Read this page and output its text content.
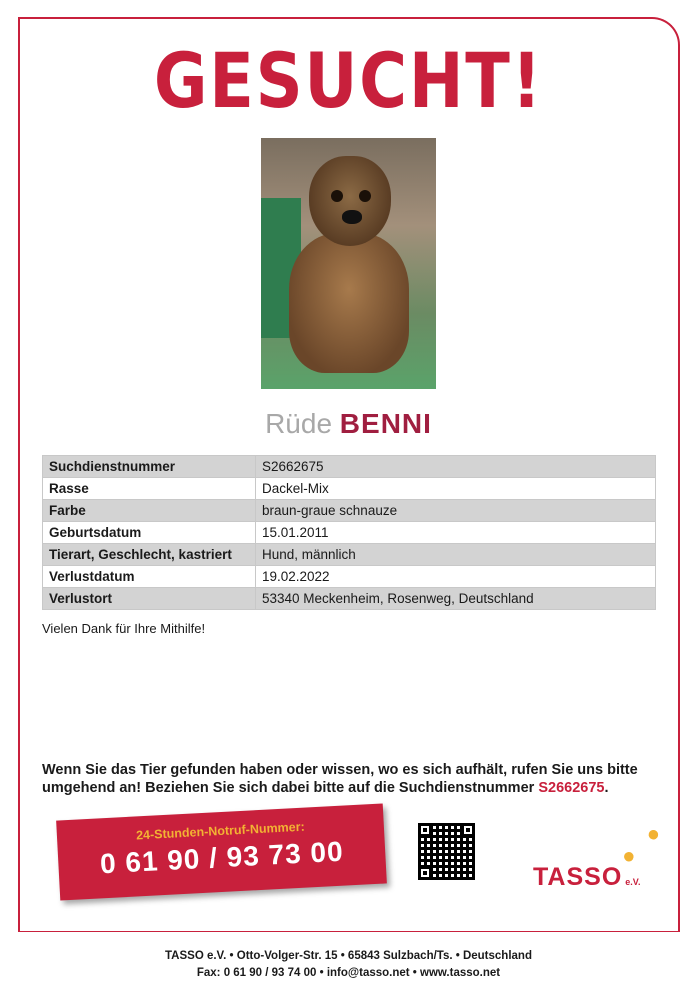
GESUCHT!
Rüde BENNI
Suchdienstnummer	S2662675
Rasse	Dackel-Mix
Farbe	braun-graue schnauze
Geburtsdatum	15.01.2011
Tierart, Geschlecht, kastriert	Hund, männlich
Verlustdatum	19.02.2022
Verlustort	53340 Meckenheim, Rosenweg, Deutschland
Vielen Dank für Ihre Mithilfe!
Wenn Sie das Tier gefunden haben oder wissen, wo es sich aufhält, rufen Sie uns bitte umgehend an! Beziehen Sie sich dabei bitte auf die Suchdienstnummer S2662675.
24-Stunden-Notruf-Nummer:
0 61 90 / 93 73 00
●
●
TASSO e.V.
TASSO e.V. • Otto-Volger-Str. 15 • 65843 Sulzbach/Ts. • Deutschland
Fax: 0 61 90 / 93 74 00 • info@tasso.net • www.tasso.net
